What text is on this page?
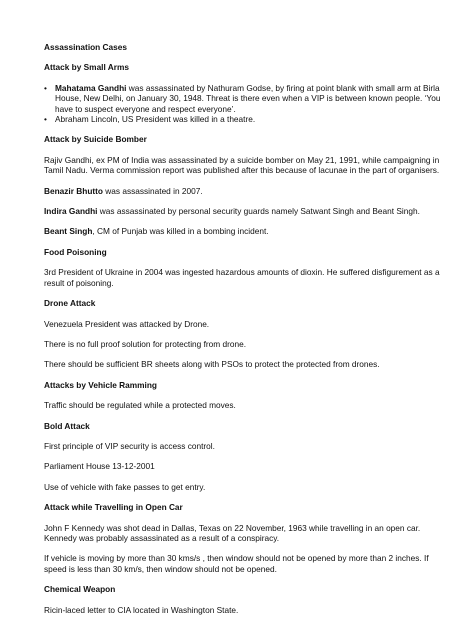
Assassination Cases
Attack by Small Arms
• Mahatama Gandhi was assassinated by Nathuram Godse, by firing at point blank with small arm at Birla House, New Delhi, on January 30, 1948. Threat is there even when a VIP is between known people. ‘You have to suspect everyone and respect everyone’.
• Abraham Lincoln, US President was killed in a theatre.
Attack by Suicide Bomber
Rajiv Gandhi, ex PM of India was assassinated by a suicide bomber on May 21, 1991, while campaigning in Tamil Nadu. Verma commission report was published after this because of lacunae in the part of organisers.
Benazir Bhutto was assassinated in 2007.
Indira Gandhi was assassinated by personal security guards namely Satwant Singh and Beant Singh.
Beant Singh, CM of Punjab was killed in a bombing incident.
Food Poisoning
3rd President of Ukraine in 2004 was ingested hazardous amounts of dioxin. He suffered disfigurement as a result of poisoning.
Drone Attack
Venezuela President was attacked by Drone.
There is no full proof solution for protecting from drone.
There should be sufficient BR sheets along with PSOs to protect the protected from drones.
Attacks by Vehicle Ramming
Traffic should be regulated while a protected moves.
Bold Attack
First principle of VIP security is access control.
Parliament House 13-12-2001
Use of vehicle with fake passes to get entry.
Attack while Travelling in Open Car
John F Kennedy was shot dead in Dallas, Texas on 22 November, 1963 while travelling in an open car. Kennedy was probably assassinated as a result of a conspiracy.
If vehicle is moving by more than 30 kms/s , then window should not be opened by more than 2 inches. If speed is less than 30 km/s, then window should not be opened.
Chemical Weapon
Ricin-laced letter to CIA located in Washington State.
